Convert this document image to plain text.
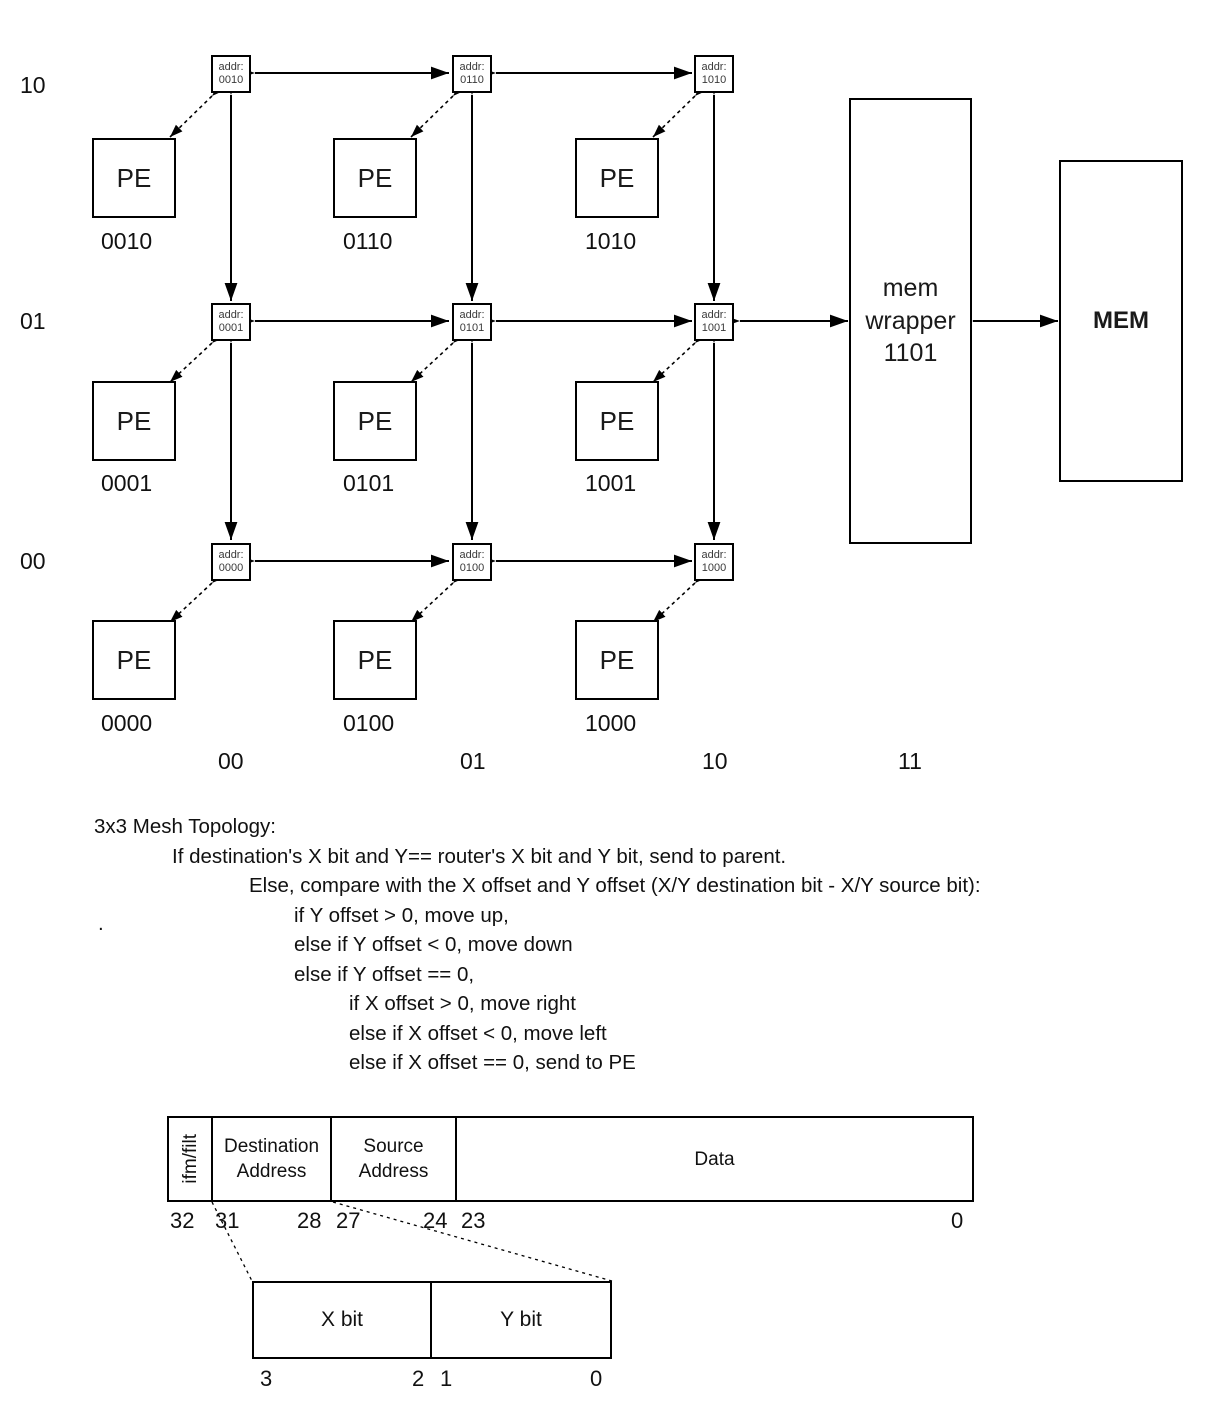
10
01
00
00	01	10	11
addr:
0010
addr:
0110
addr:
1010
addr:
0001
addr:
0101
addr:
1001
addr:
0000
addr:
0100
addr:
1000
PE
0010
PE
0110
PE
1010
PE
0001
PE
0101
PE
1001
PE
0000
PE
0100
PE
1000
mem
wrapper
1101
MEM
3x3 Mesh Topology:
If destination's X bit and Y== router's X bit and Y bit, send to parent.
Else, compare with the X offset and Y offset (X/Y destination bit - X/Y source bit):
if Y offset > 0, move up,
else if Y offset < 0, move down
else if Y offset == 0,
if X offset > 0, move right
else if X offset < 0, move left
else if X offset == 0, send to PE
.
ifm/filt Destination
Address
Source
Address
Data
32 31	28 27	24 23	0
X bit	Y bit
3	2 1	0
